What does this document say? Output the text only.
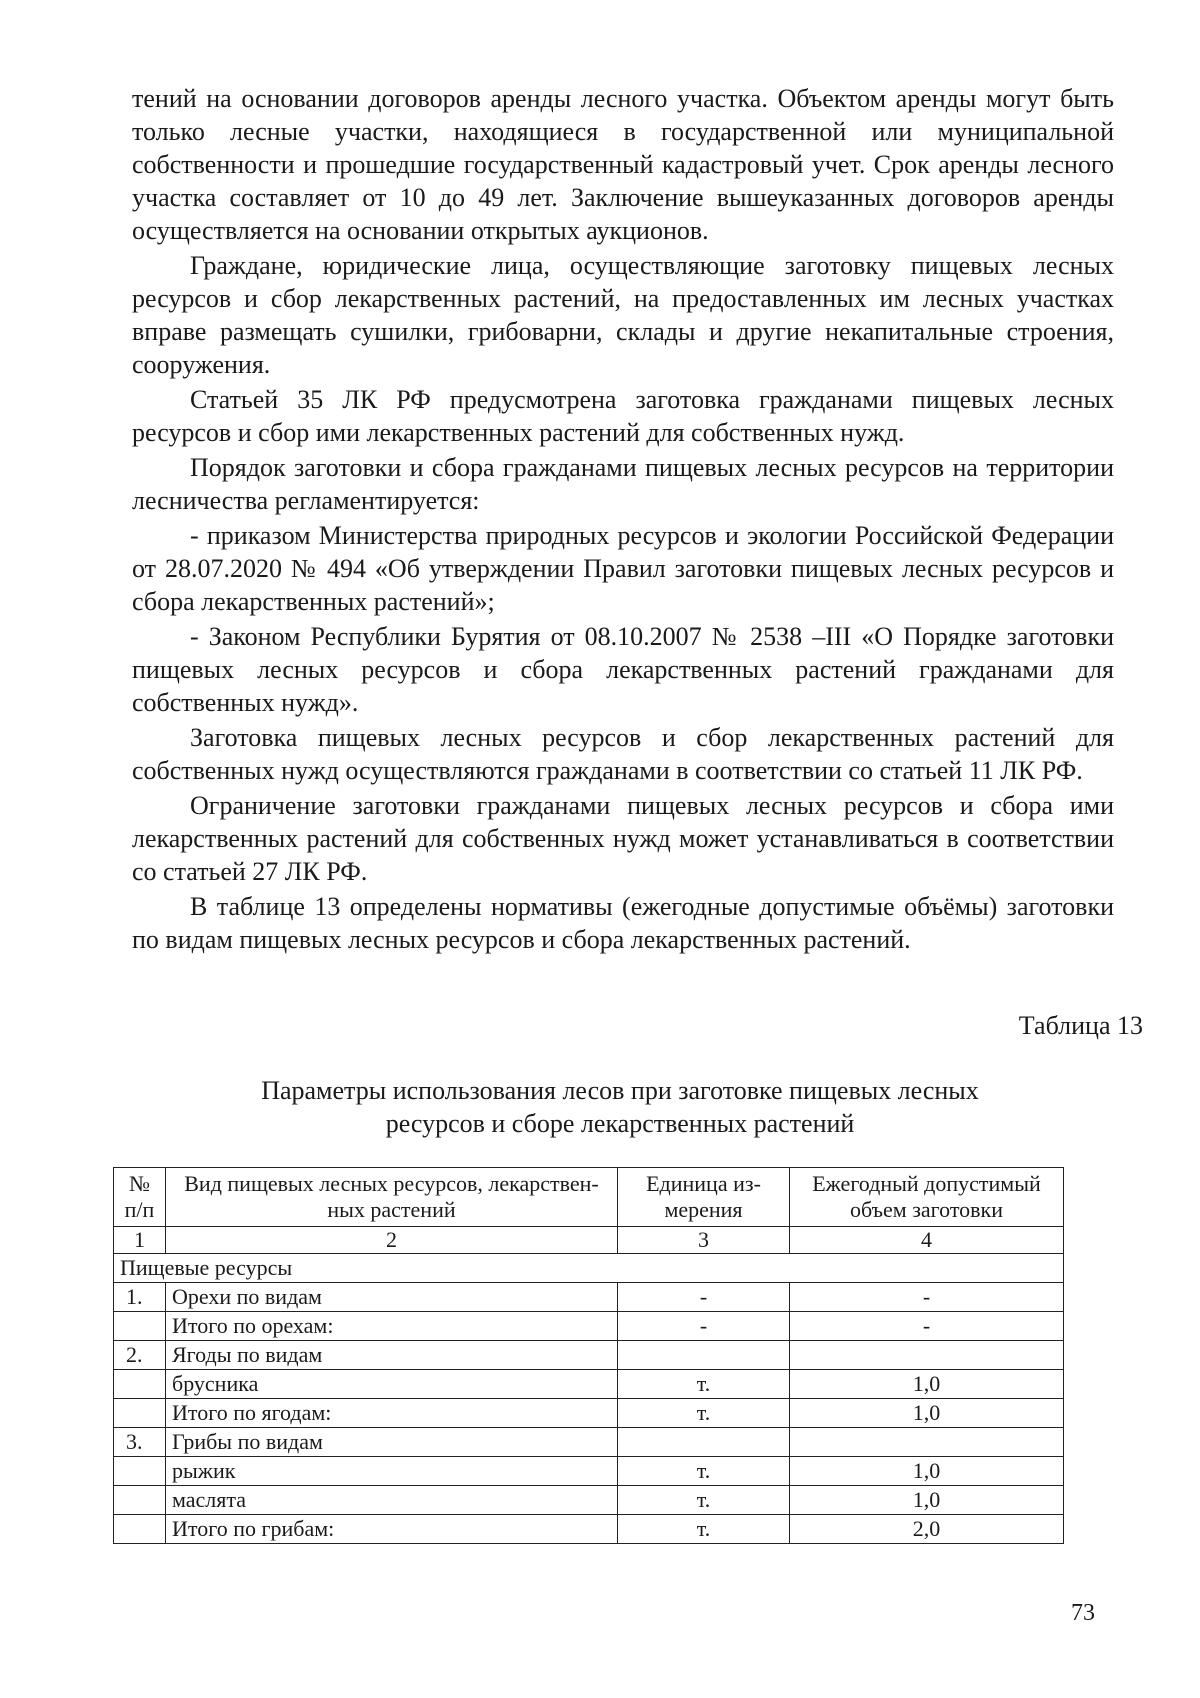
тений на основании договоров аренды лесного участка. Объектом аренды могут быть только лесные участки, находящиеся в государственной или муниципальной собственности и прошедшие государственный кадастровый учет. Срок аренды лесного участка составляет от 10 до 49 лет. Заключение вышеуказанных договоров аренды осуществляется на основании открытых аукционов.

Граждане, юридические лица, осуществляющие заготовку пищевых лесных ресурсов и сбор лекарственных растений, на предоставленных им лесных участках вправе размещать сушилки, грибоварни, склады и другие некапитальные строения, сооружения.

Статьей 35 ЛК РФ предусмотрена заготовка гражданами пищевых лесных ресурсов и сбор ими лекарственных растений для собственных нужд.

Порядок заготовки и сбора гражданами пищевых лесных ресурсов на территории лесничества регламентируется:

- приказом Министерства природных ресурсов и экологии Российской Федерации от 28.07.2020 № 494 «Об утверждении Правил заготовки пищевых лесных ресурсов и сбора лекарственных растений»;

- Законом Республики Бурятия от 08.10.2007 № 2538 –III «О Порядке заготовки пищевых лесных ресурсов и сбора лекарственных растений гражданами для собственных нужд».

Заготовка пищевых лесных ресурсов и сбор лекарственных растений для собственных нужд осуществляются гражданами в соответствии со статьей 11 ЛК РФ.

Ограничение заготовки гражданами пищевых лесных ресурсов и сбора ими лекарственных растений для собственных нужд может устанавливаться в соответствии со статьей 27 ЛК РФ.

В таблице 13 определены нормативы (ежегодные допустимые объёмы) заготовки по видам пищевых лесных ресурсов и сбора лекарственных растений.

Таблица 13
Параметры использования лесов при заготовке пищевых лесных ресурсов и сборе лекарственных растений
№ п/п	Вид пищевых лесных ресурсов, лекарственных растений	Единица измерения	Ежегодный допустимый объем заготовки
1	2	3	4
Пищевые ресурсы			
1.	Орехи по видам	-	-
	Итого по орехам:	-	-
2.	Ягоды по видам		
	брусника	т.	1,0
	Итого по ягодам:	т.	1,0
3.	Грибы по видам		
	рыжик	т.	1,0
	маслята	т.	1,0
	Итого по грибам:	т.	2,0
73
